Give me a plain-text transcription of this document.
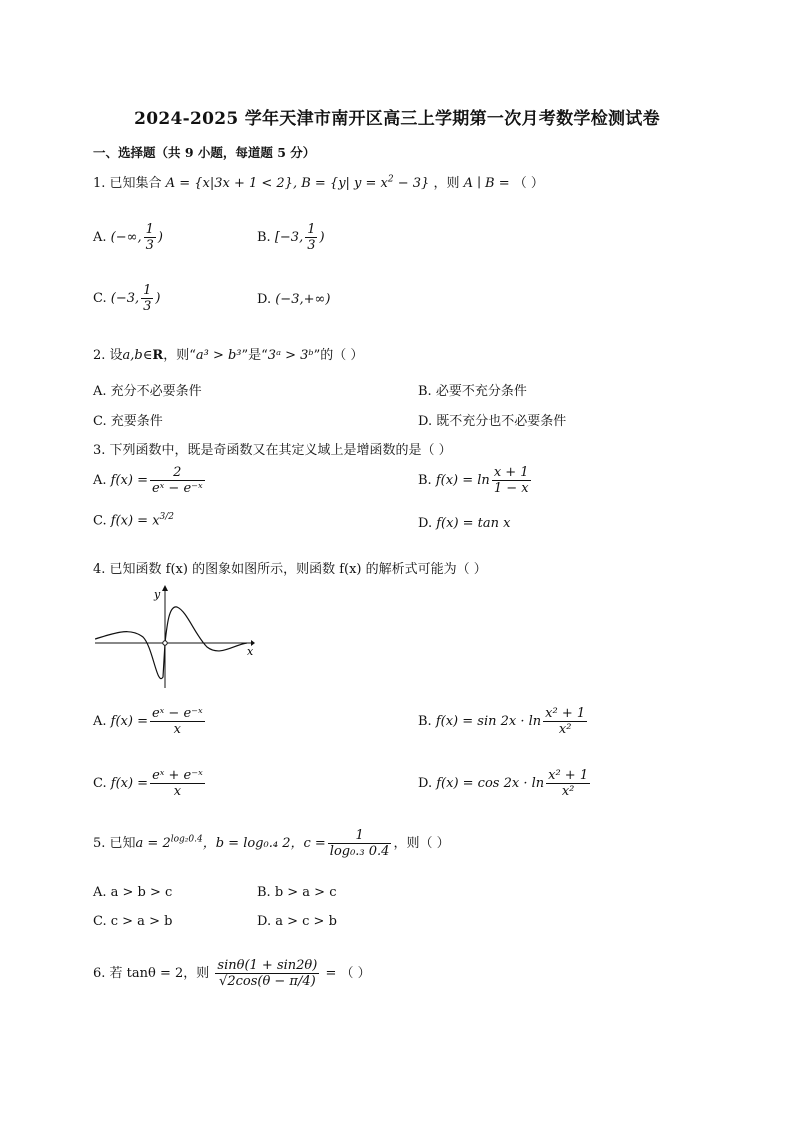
2024-2025 学年天津市南开区高三上学期第一次月考数学检测试卷
一、选择题（共 9 小题，每道题 5 分）
1. 已知集合 A = {x|3x + 1 < 2}, B = {y| $y = x^2 - 3$} ，则 A ∣ B = （ ）
A. (−∞, $\frac{1}{3}$ )	B. [−3, $\frac{1}{3}$ )
C. (−3, $\frac{1}{3}$ )	D. (−3,+∞)
2. 设a,b∈R，则“a³ > b³”是“3ᵃ > 3ᵇ”的（ ）
A. 充分不必要条件	B. 必要不充分条件
C. 充要条件	D. 既不充分也不必要条件
3. 下列函数中，既是奇函数又在其定义域上是增函数的是（ ）
A. $f(x) = \frac{2}{\text{eˣ − e⁻ˣ}}$	B. $f(x) = \ln \frac{x + 1}{1 - x}$
C. $f(x) = x^{3/2}$	D. f(x) = tan x
4. 已知函数 f(x) 的图象如图所示，则函数 f(x) 的解析式可能为（ ）
x
y
A. $f(x) = \frac{\text{eˣ − e⁻ˣ}}{x}$	B. $f(x) = \sin 2x \cdot \ln \frac{\text{x² + 1}}{\text{x²}}$
C. $f(x) = \frac{\text{eˣ + e⁻ˣ}}{x}$	D. $f(x) = \cos 2x \cdot \ln \frac{\text{x² + 1}}{\text{x²}}$
5. 已知$a = 2^{log_20.4}$，b = log₀.₄ 2，$c = \frac{1}{\text{log₀.₃ 0.4}}$ ，则（ ）
A. a > b > c	B. b > a > c
C. c > a > b	D. a > c > b
6. 若 tanθ = 2，则 $\frac{\sin\theta(1 + \sin 2\theta)}{√2\cos(\theta - \pi/4)}$ = （ ）
